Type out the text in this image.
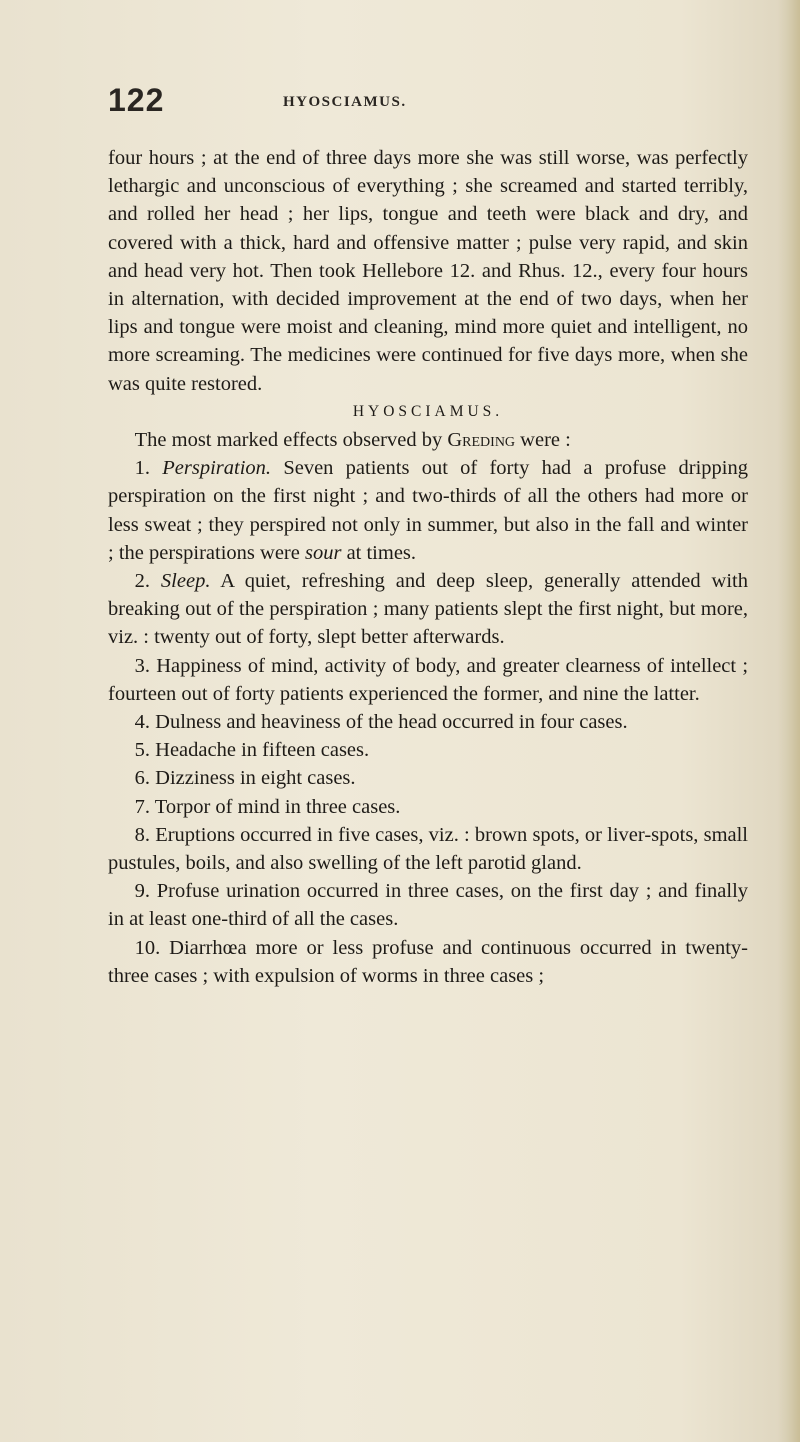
122	HYOSCIAMUS.

four hours ; at the end of three days more she was still worse, was perfectly lethargic and unconscious of everything ; she screamed and started terribly, and rolled her head ; her lips, tongue and teeth were black and dry, and covered with a thick, hard and offensive matter ; pulse very rapid, and skin and head very hot. Then took Hellebore 12. and Rhus. 12., every four hours in alternation, with decided improvement at the end of two days, when her lips and tongue were moist and cleaning, mind more quiet and intelligent, no more screaming. The medicines were continued for five days more, when she was quite restored.

HYOSCIAMUS.

The most marked effects observed by Greding were :

1. Perspiration. Seven patients out of forty had a profuse dripping perspiration on the first night ; and two-thirds of all the others had more or less sweat ; they perspired not only in summer, but also in the fall and winter ; the perspirations were sour at times.

2. Sleep. A quiet, refreshing and deep sleep, generally attended with breaking out of the perspiration ; many patients slept the first night, but more, viz. : twenty out of forty, slept better afterwards.

3. Happiness of mind, activity of body, and greater clearness of intellect ; fourteen out of forty patients experienced the former, and nine the latter.

4. Dulness and heaviness of the head occurred in four cases.

5. Headache in fifteen cases.

6. Dizziness in eight cases.

7. Torpor of mind in three cases.

8. Eruptions occurred in five cases, viz. : brown spots, or liver-spots, small pustules, boils, and also swelling of the left parotid gland.

9. Profuse urination occurred in three cases, on the first day ; and finally in at least one-third of all the cases.

10. Diarrhœa more or less profuse and continuous occurred in twenty-three cases ; with expulsion of worms in three cases ;
